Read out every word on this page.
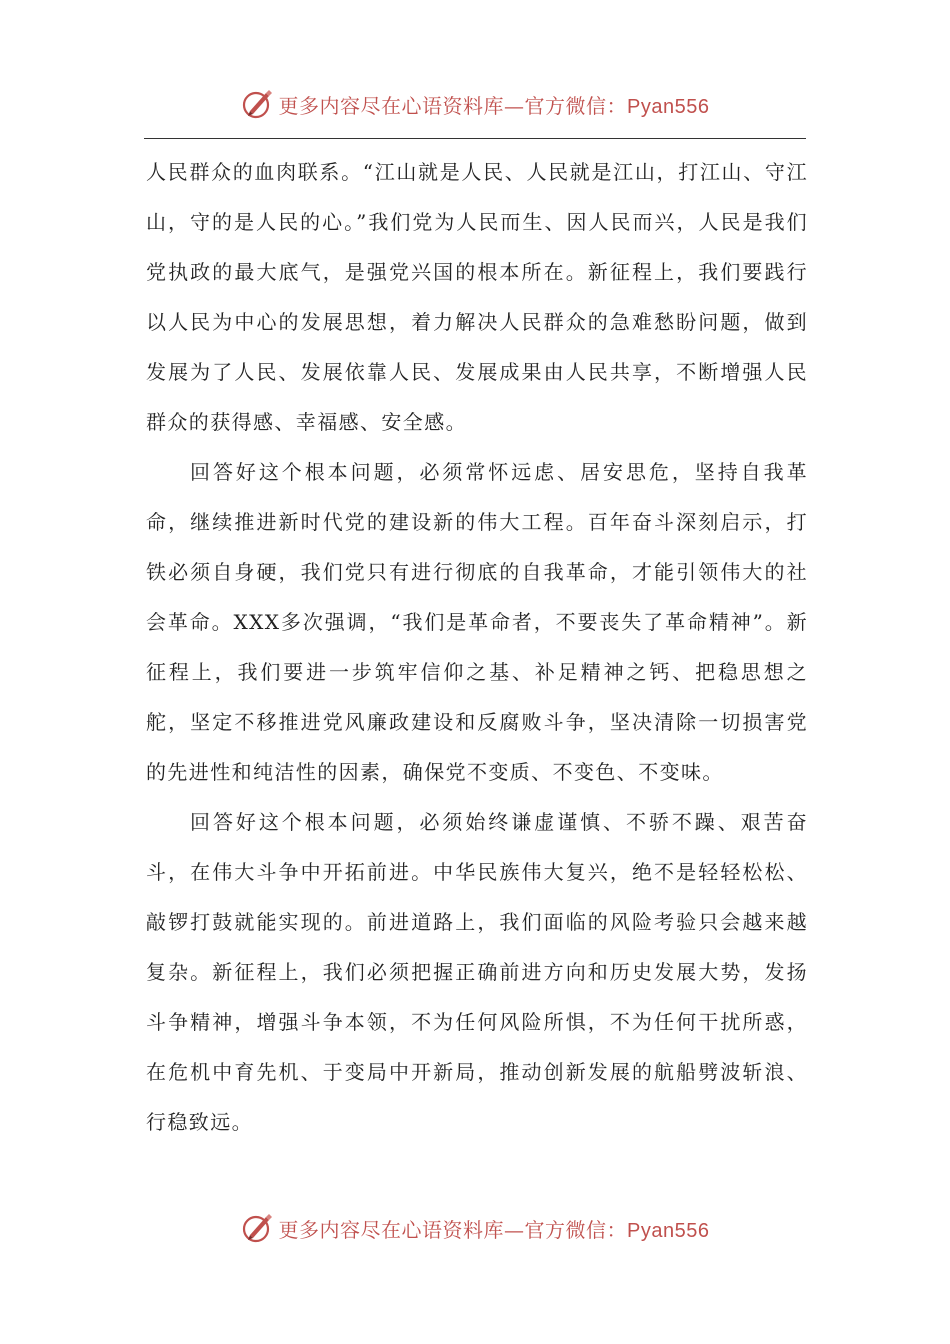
更多内容尽在心语资料库—官方微信：Pyan556

人民群众的血肉联系。“江山就是人民、人民就是江山，打江山、守江山，守的是人民的心。”我们党为人民而生、因人民而兴，人民是我们党执政的最大底气，是强党兴国的根本所在。新征程上，我们要践行以人民为中心的发展思想，着力解决人民群众的急难愁盼问题，做到发展为了人民、发展依靠人民、发展成果由人民共享，不断增强人民群众的获得感、幸福感、安全感。

回答好这个根本问题，必须常怀远虑、居安思危，坚持自我革命，继续推进新时代党的建设新的伟大工程。百年奋斗深刻启示，打铁必须自身硬，我们党只有进行彻底的自我革命，才能引领伟大的社会革命。XXX多次强调，“我们是革命者，不要丧失了革命精神”。新征程上，我们要进一步筑牢信仰之基、补足精神之钙、把稳思想之舵，坚定不移推进党风廉政建设和反腐败斗争，坚决清除一切损害党的先进性和纯洁性的因素，确保党不变质、不变色、不变味。

回答好这个根本问题，必须始终谦虚谨慎、不骄不躁、艰苦奋斗，在伟大斗争中开拓前进。中华民族伟大复兴，绝不是轻轻松松、敲锣打鼓就能实现的。前进道路上，我们面临的风险考验只会越来越复杂。新征程上，我们必须把握正确前进方向和历史发展大势，发扬斗争精神，增强斗争本领，不为任何风险所惧，不为任何干扰所惑，在危机中育先机、于变局中开新局，推动创新发展的航船劈波斩浪、行稳致远。

更多内容尽在心语资料库—官方微信：Pyan556
